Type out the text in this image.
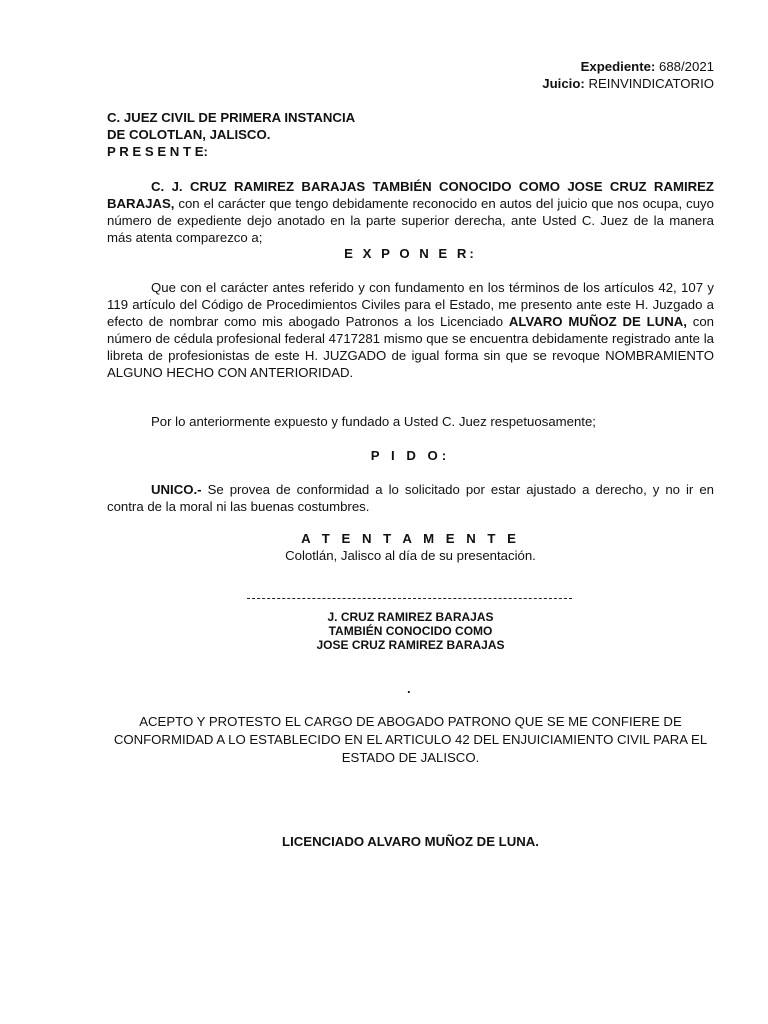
Expediente: 688/2021
Juicio: REINVINDICATORIO
C. JUEZ CIVIL DE PRIMERA INSTANCIA
DE COLOTLAN, JALISCO.
P R E S E N T E:
C. J. CRUZ RAMIREZ BARAJAS TAMBIÉN CONOCIDO COMO JOSE CRUZ RAMIREZ BARAJAS, con el carácter que tengo debidamente reconocido en autos del juicio que nos ocupa, cuyo número de expediente dejo anotado en la parte superior derecha, ante Usted C. Juez de la manera más atenta comparezco a;
E X P O N E R:
Que con el carácter antes referido y con fundamento en los términos de los artículos 42, 107 y 119 artículo del Código de Procedimientos Civiles para el Estado, me presento ante este H. Juzgado a efecto de nombrar como mis abogado Patronos a los Licenciado ALVARO MUÑOZ DE LUNA, con número de cédula profesional federal 4717281 mismo que se encuentra debidamente registrado ante la libreta de profesionistas de este H. JUZGADO de igual forma sin que se revoque NOMBRAMIENTO ALGUNO HECHO CON ANTERIORIDAD.
Por lo anteriormente expuesto y fundado a Usted C. Juez respetuosamente;
P I D O:
UNICO.- Se provea de conformidad a lo solicitado por estar ajustado a derecho, y no ir en contra de la moral ni las buenas costumbres.
A T E N T A M E N T E
Colotlán, Jalisco al día de su presentación.
J. CRUZ RAMIREZ BARAJAS
TAMBIÉN CONOCIDO COMO
JOSE CRUZ RAMIREZ BARAJAS
.
ACEPTO Y PROTESTO EL CARGO DE ABOGADO PATRONO QUE SE ME CONFIERE DE CONFORMIDAD A LO ESTABLECIDO EN EL ARTICULO 42 DEL ENJUICIAMIENTO CIVIL PARA EL ESTADO DE JALISCO.
LICENCIADO ALVARO MUÑOZ DE LUNA.
